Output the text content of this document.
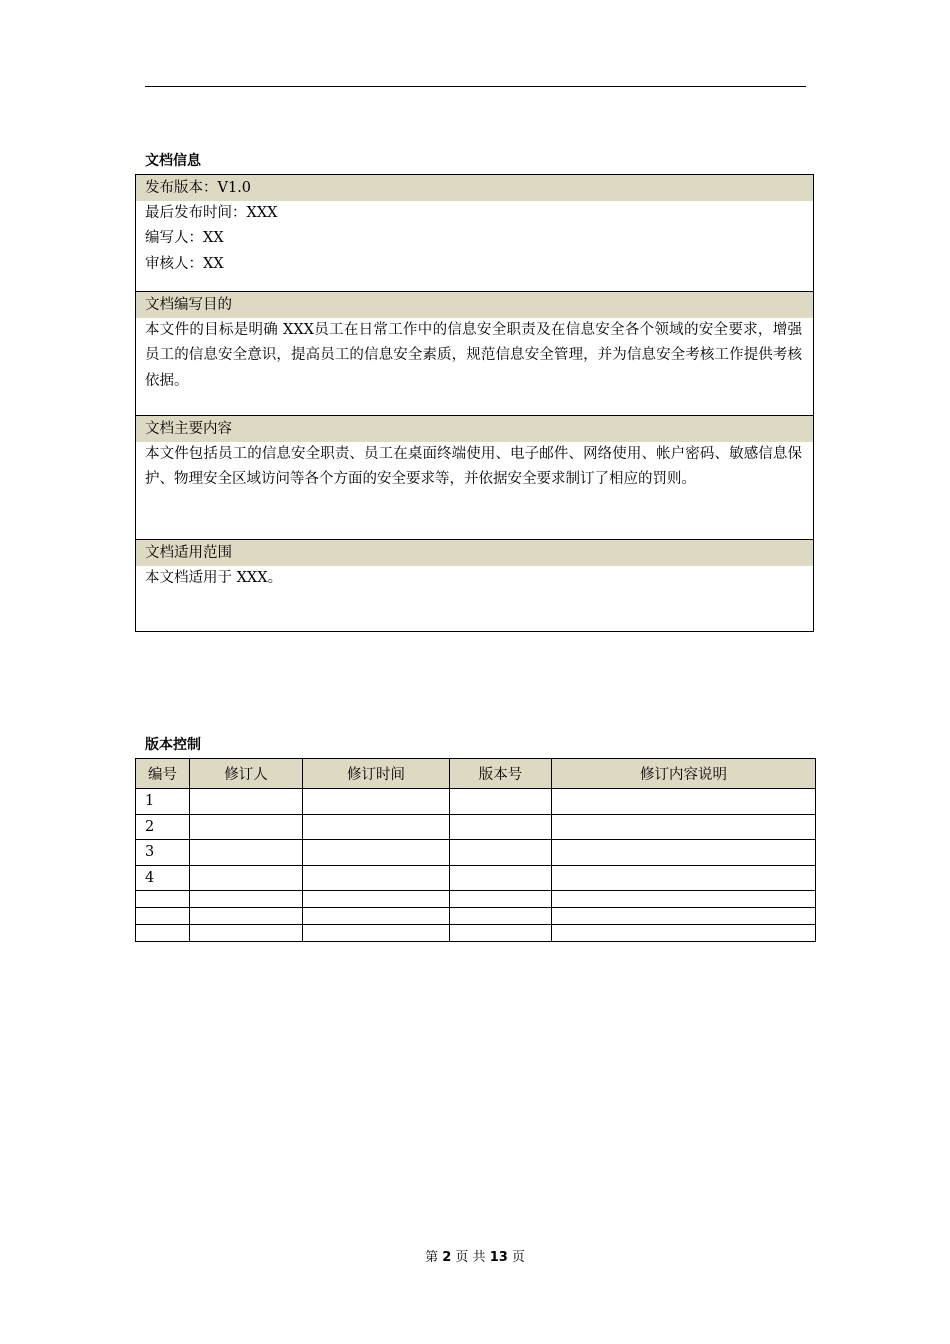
文档信息
发布版本：V1.0
最后发布时间：XXX
编写人：XX
审核人：XX
文档编写目的
本文件的目标是明确 XXX员工在日常工作中的信息安全职责及在信息安全各个领域的安全要求，增强员工的信息安全意识，提高员工的信息安全素质，规范信息安全管理，并为信息安全考核工作提供考核依据。
文档主要内容
本文件包括员工的信息安全职责、员工在桌面终端使用、电子邮件、网络使用、帐户密码、敏感信息保护、物理安全区域访问等各个方面的安全要求等，并依据安全要求制订了相应的罚则。
文档适用范围
本文档适用于 XXX。
版本控制
编号	修订人	修订时间	版本号	修订内容说明
1				
2				
3				
4				

第 2 页 共 13 页
